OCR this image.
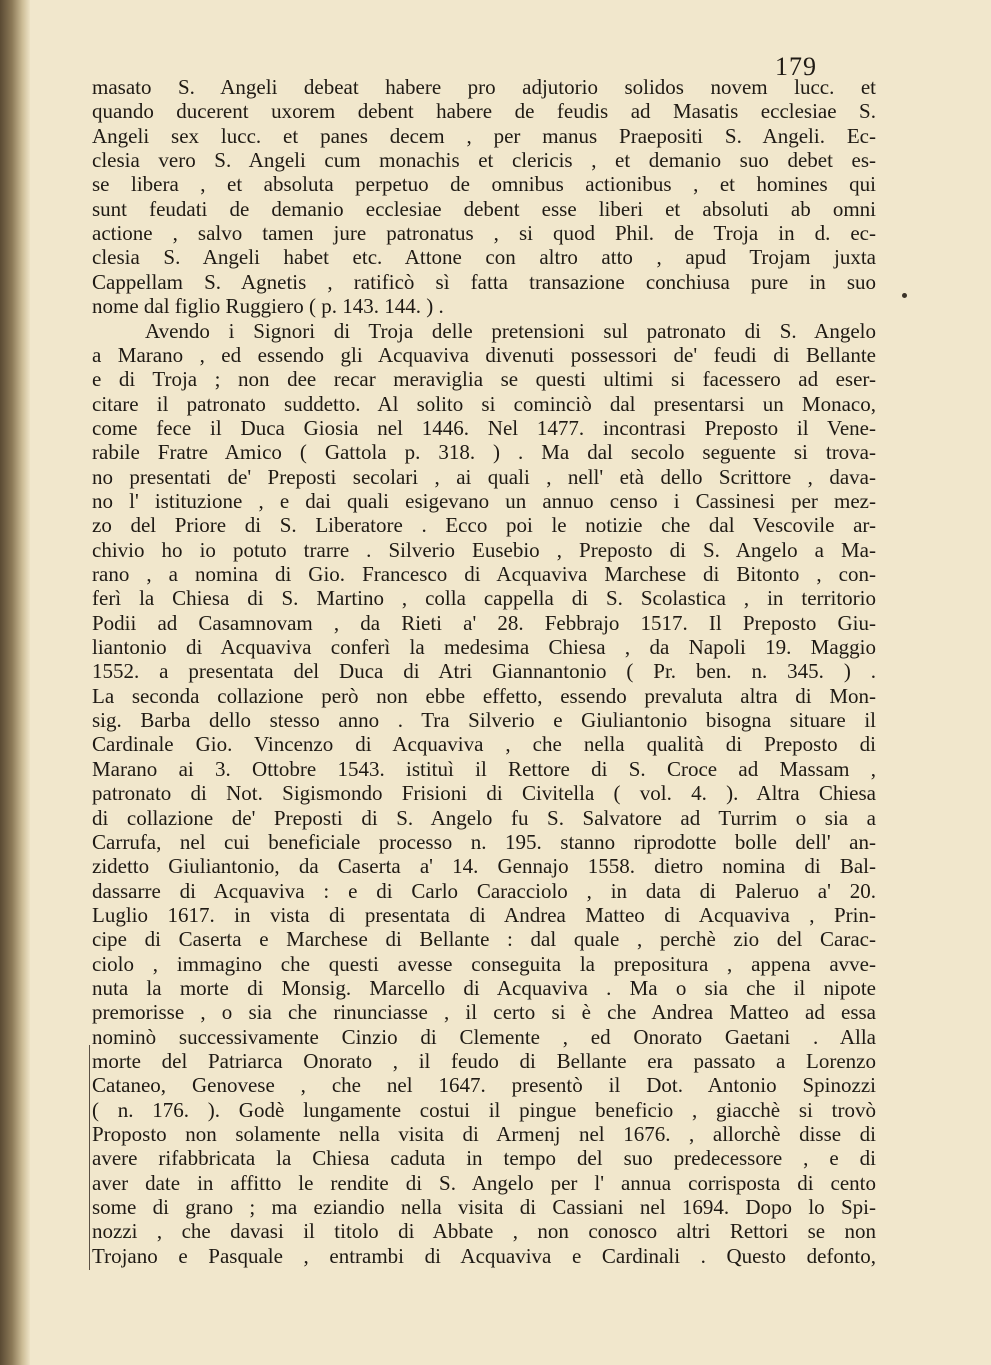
179
masato S. Angeli debeat habere pro adjutorio solidos novem lucc. et
quando ducerent uxorem debent habere de feudis ad Masatis ecclesiae S.
Angeli sex lucc. et panes decem , per manus Praepositi S. Angeli. Ec-
clesia vero S. Angeli cum monachis et clericis , et demanio suo debet es-
se libera , et absoluta perpetuo de omnibus actionibus , et homines qui
sunt feudati de demanio ecclesiae debent esse liberi et absoluti ab omni
actione , salvo tamen jure patronatus , si quod Phil. de Troja in d. ec-
clesia S. Angeli habet etc. Attone con altro atto , apud Trojam juxta
Cappellam S. Agnetis , ratificò sì fatta transazione conchiusa pure in suo
nome dal figlio Ruggiero ( p. 143. 144. ) .
Avendo i Signori di Troja delle pretensioni sul patronato di S. Angelo
a Marano , ed essendo gli Acquaviva divenuti possessori de' feudi di Bellante
e di Troja ; non dee recar meraviglia se questi ultimi si facessero ad eser-
citare il patronato suddetto. Al solito si cominciò dal presentarsi un Monaco,
come fece il Duca Giosia nel 1446. Nel 1477. incontrasi Preposto il Vene-
rabile Fratre Amico ( Gattola p. 318. ) . Ma dal secolo seguente si trova-
no presentati de' Preposti secolari , ai quali , nell' età dello Scrittore , dava-
no l' istituzione , e dai quali esigevano un annuo censo i Cassinesi per mez-
zo del Priore di S. Liberatore . Ecco poi le notizie che dal Vescovile ar-
chivio ho io potuto trarre . Silverio Eusebio , Preposto di S. Angelo a Ma-
rano , a nomina di Gio. Francesco di Acquaviva Marchese di Bitonto , con-
ferì la Chiesa di S. Martino , colla cappella di S. Scolastica , in territorio
Podii ad Casamnovam , da Rieti a' 28. Febbrajo 1517. Il Preposto Giu-
liantonio di Acquaviva conferì la medesima Chiesa , da Napoli 19. Maggio
1552. a presentata del Duca di Atri Giannantonio ( Pr. ben. n. 345. ) .
La seconda collazione però non ebbe effetto, essendo prevaluta altra di Mon-
sig. Barba dello stesso anno . Tra Silverio e Giuliantonio bisogna situare il
Cardinale Gio. Vincenzo di Acquaviva , che nella qualità di Preposto di
Marano ai 3. Ottobre 1543. istituì il Rettore di S. Croce ad Massam ,
patronato di Not. Sigismondo Frisioni di Civitella ( vol. 4. ). Altra Chiesa
di collazione de' Preposti di S. Angelo fu S. Salvatore ad Turrim o sia a
Carrufa, nel cui beneficiale processo n. 195. stanno riprodotte bolle dell' an-
zidetto Giuliantonio, da Caserta a' 14. Gennajo 1558. dietro nomina di Bal-
dassarre di Acquaviva : e di Carlo Caracciolo , in data di Paleruo a' 20.
Luglio 1617. in vista di presentata di Andrea Matteo di Acquaviva , Prin-
cipe di Caserta e Marchese di Bellante : dal quale , perchè zio del Carac-
ciolo , immagino che questi avesse conseguita la prepositura , appena avve-
nuta la morte di Monsig. Marcello di Acquaviva . Ma o sia che il nipote
premorisse , o sia che rinunciasse , il certo si è che Andrea Matteo ad essa
nominò successivamente Cinzio di Clemente , ed Onorato Gaetani . Alla
morte del Patriarca Onorato , il feudo di Bellante era passato a Lorenzo
Cataneo, Genovese , che nel 1647. presentò il Dot. Antonio Spinozzi
( n. 176. ). Godè lungamente costui il pingue beneficio , giacchè si trovò
Proposto non solamente nella visita di Armenj nel 1676. , allorchè disse di
avere rifabbricata la Chiesa caduta in tempo del suo predecessore , e di
aver date in affitto le rendite di S. Angelo per l' annua corrisposta di cento
some di grano ; ma eziandio nella visita di Cassiani nel 1694. Dopo lo Spi-
nozzi , che davasi il titolo di Abbate , non conosco altri Rettori se non
Trojano e Pasquale , entrambi di Acquaviva e Cardinali . Questo defonto,
